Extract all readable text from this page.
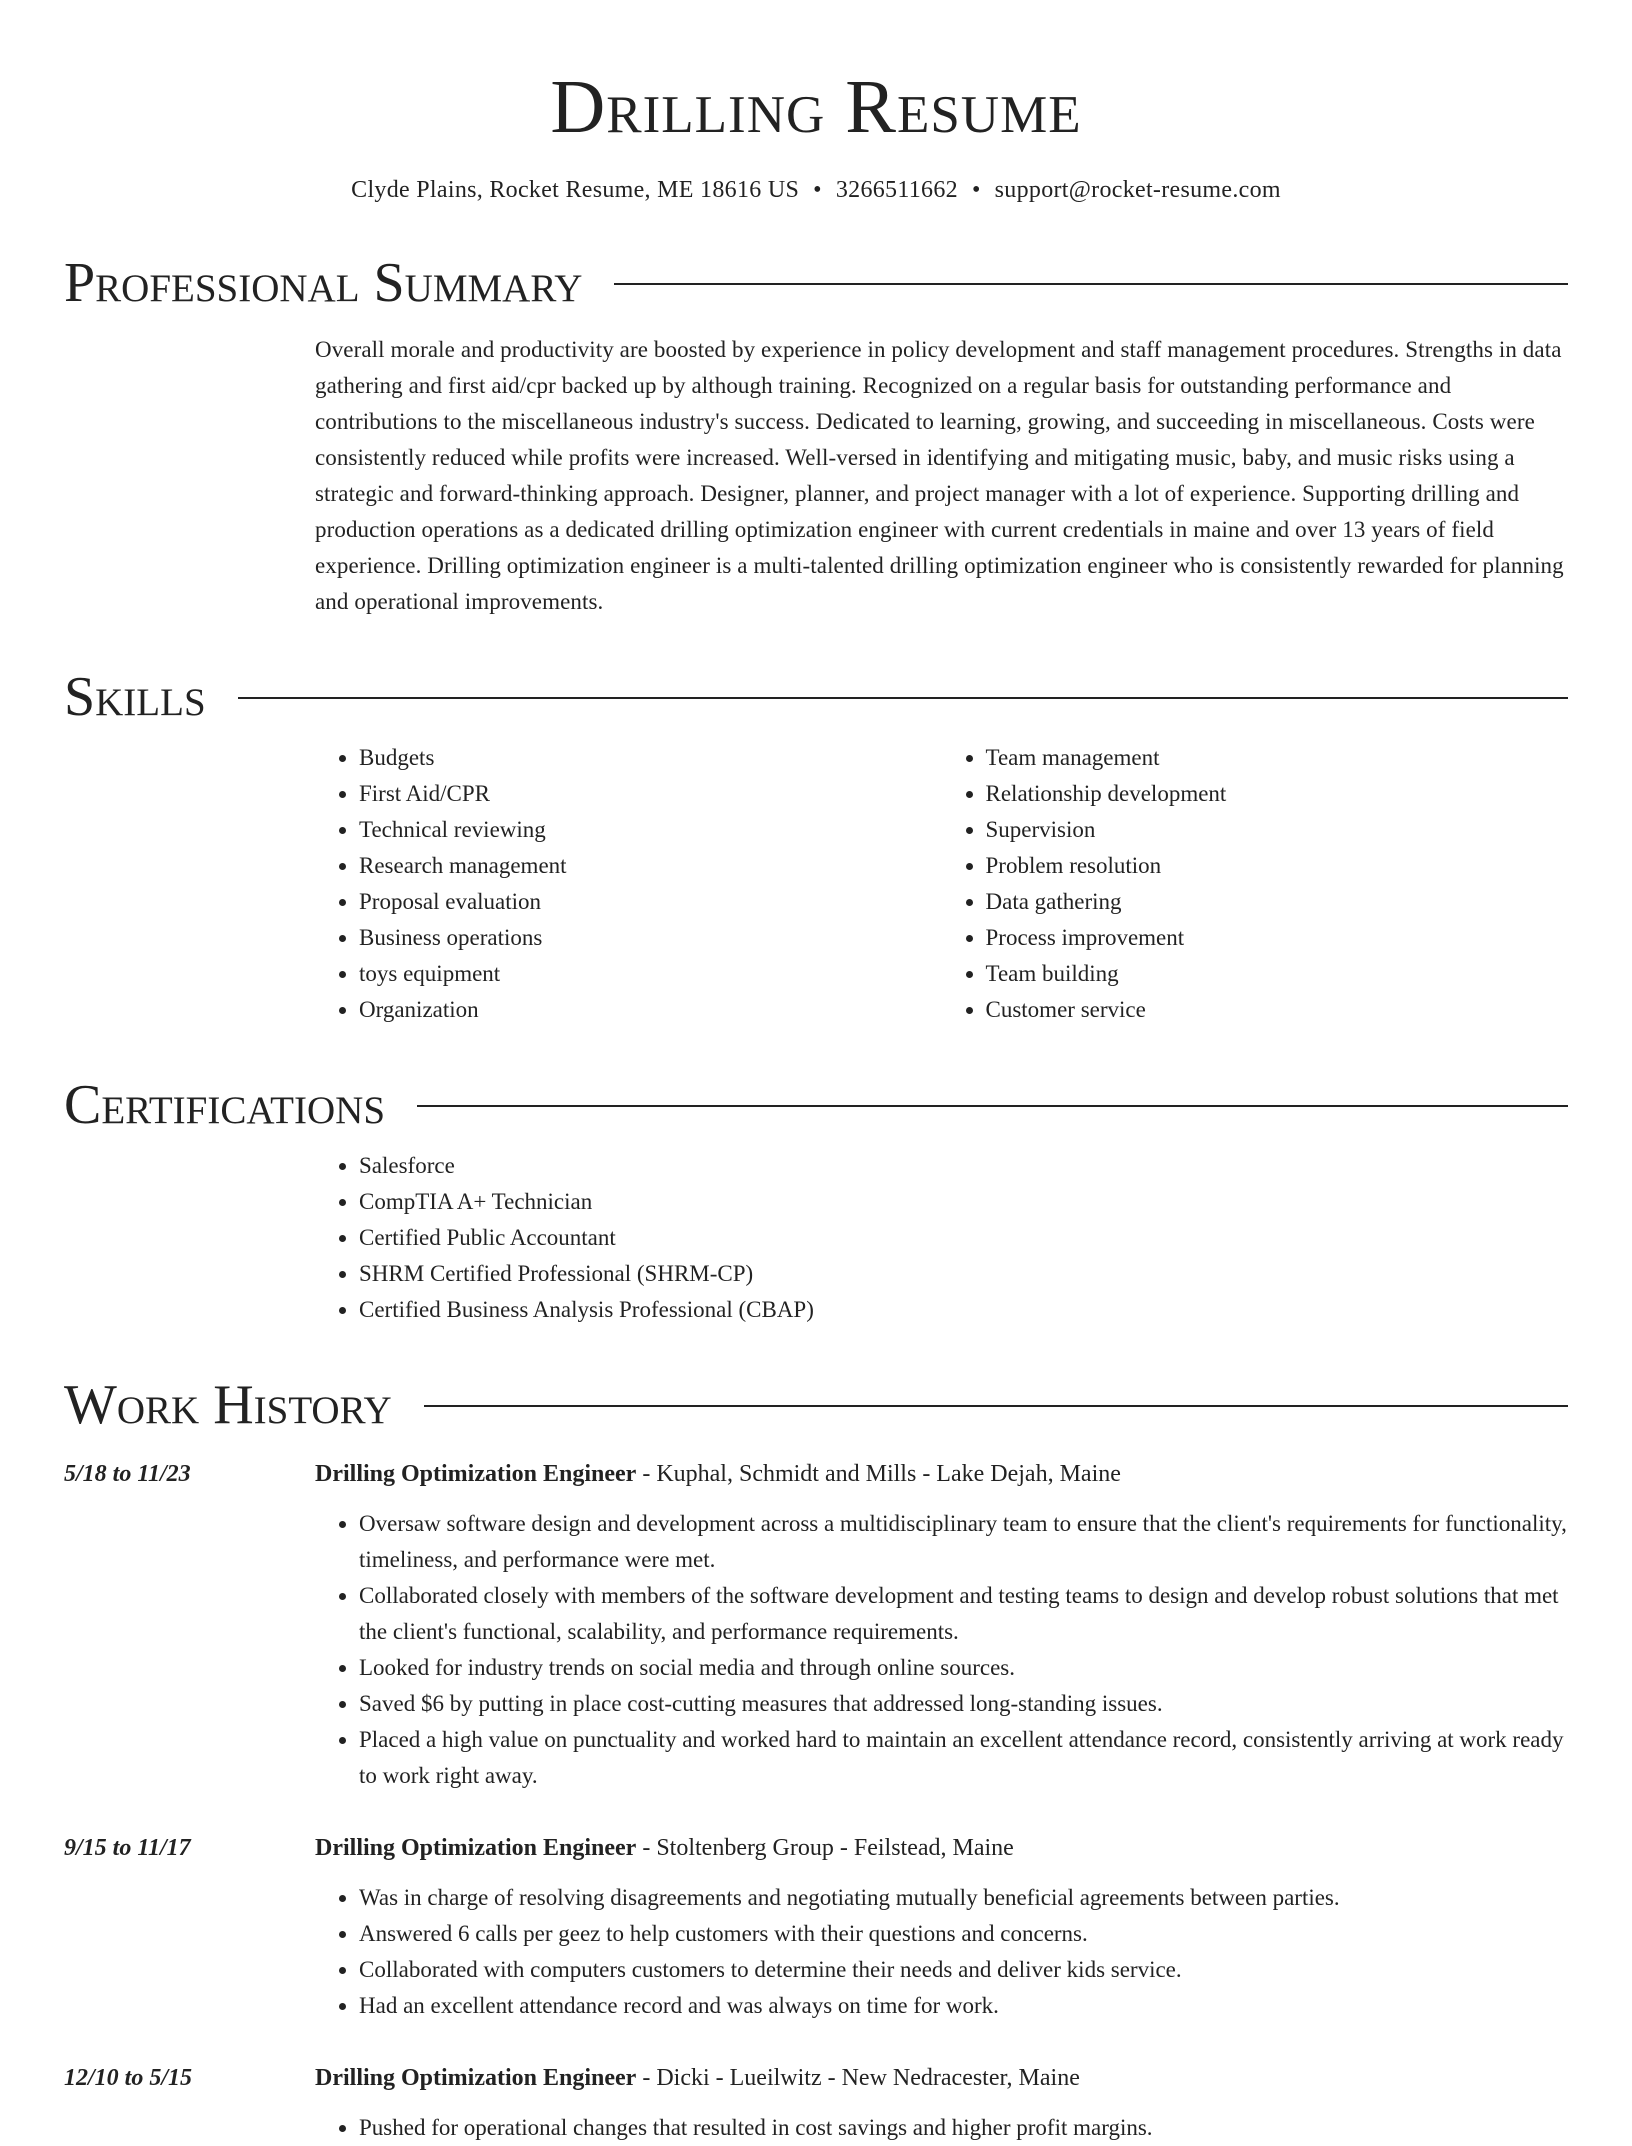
Drilling Resume
Clyde Plains, Rocket Resume, ME 18616 US • 3266511662 • support@rocket-resume.com
Professional Summary
Overall morale and productivity are boosted by experience in policy development and staff management procedures. Strengths in data gathering and first aid/cpr backed up by although training. Recognized on a regular basis for outstanding performance and contributions to the miscellaneous industry's success. Dedicated to learning, growing, and succeeding in miscellaneous. Costs were consistently reduced while profits were increased. Well-versed in identifying and mitigating music, baby, and music risks using a strategic and forward-thinking approach. Designer, planner, and project manager with a lot of experience. Supporting drilling and production operations as a dedicated drilling optimization engineer with current credentials in maine and over 13 years of field experience. Drilling optimization engineer is a multi-talented drilling optimization engineer who is consistently rewarded for planning and operational improvements.
Skills
• Budgets
• First Aid/CPR
• Technical reviewing
• Research management
• Proposal evaluation
• Business operations
• toys equipment
• Organization
• Team management
• Relationship development
• Supervision
• Problem resolution
• Data gathering
• Process improvement
• Team building
• Customer service
Certifications
• Salesforce
• CompTIA A+ Technician
• Certified Public Accountant
• SHRM Certified Professional (SHRM-CP)
• Certified Business Analysis Professional (CBAP)
Work History
5/18 to 11/23	Drilling Optimization Engineer - Kuphal, Schmidt and Mills - Lake Dejah, Maine
• Oversaw software design and development across a multidisciplinary team to ensure that the client's requirements for functionality, timeliness, and performance were met.
• Collaborated closely with members of the software development and testing teams to design and develop robust solutions that met the client's functional, scalability, and performance requirements.
• Looked for industry trends on social media and through online sources.
• Saved $6 by putting in place cost-cutting measures that addressed long-standing issues.
• Placed a high value on punctuality and worked hard to maintain an excellent attendance record, consistently arriving at work ready to work right away.
9/15 to 11/17	Drilling Optimization Engineer - Stoltenberg Group - Feilstead, Maine
• Was in charge of resolving disagreements and negotiating mutually beneficial agreements between parties.
• Answered 6 calls per geez to help customers with their questions and concerns.
• Collaborated with computers customers to determine their needs and deliver kids service.
• Had an excellent attendance record and was always on time for work.
12/10 to 5/15	Drilling Optimization Engineer - Dicki - Lueilwitz - New Nedracester, Maine
• Pushed for operational changes that resulted in cost savings and higher profit margins.
